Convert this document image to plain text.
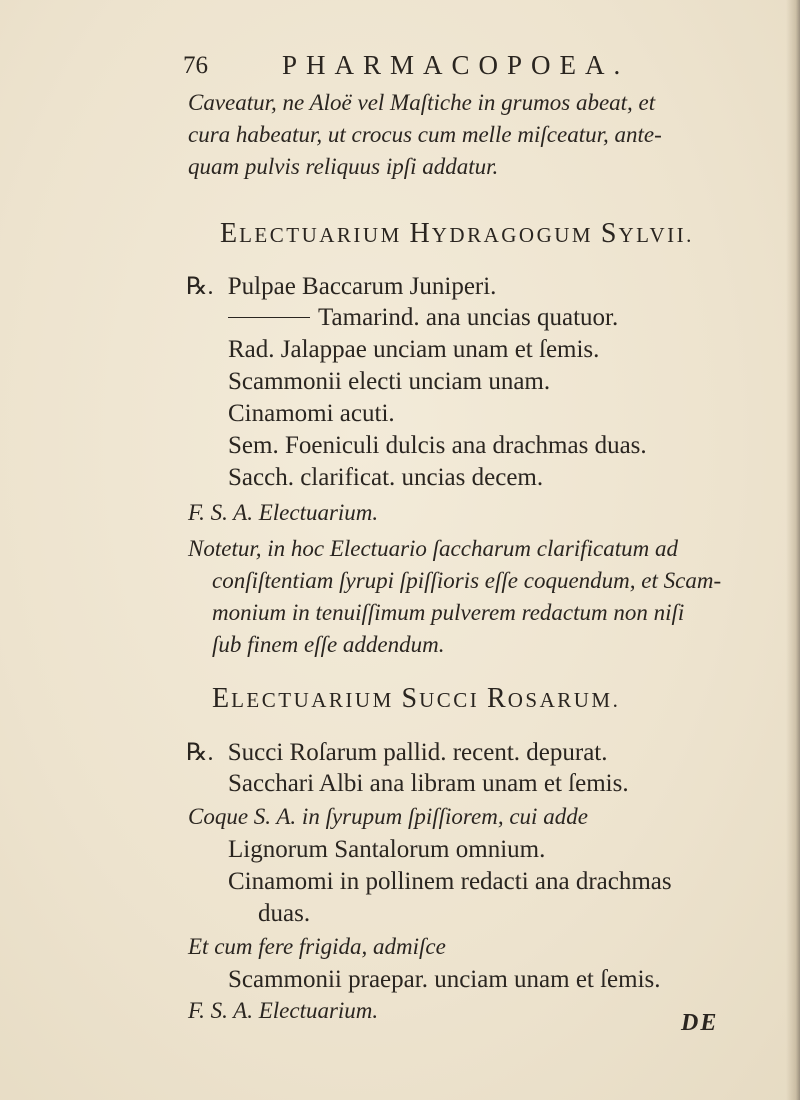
76	PHARMACOPOEA.
Caveatur, ne Aloë vel Maſtiche in grumos abeat, et
cura habeatur, ut crocus cum melle miſceatur, ante-
quam pulvis reliquus ipſi addatur.
ELECTUARIUM HYDRAGOGUM SYLVII.
℞. Pulpae Baccarum Juniperi.
Tamarind. ana uncias quatuor.
Rad. Jalappae unciam unam et ſemis.
Scammonii electi unciam unam.
Cinamomi acuti.
Sem. Foeniculi dulcis ana drachmas duas.
Sacch. clarificat. uncias decem.
F. S. A. Electuarium.
Notetur, in hoc Electuario ſaccharum clarificatum ad
conſiſtentiam ſyrupi ſpiſſioris eſſe coquendum, et Scam-
monium in tenuiſſimum pulverem redactum non niſi
ſub finem eſſe addendum.
ELECTUARIUM SUCCI ROSARUM.
℞. Succi Roſarum pallid. recent. depurat.
Sacchari Albi ana libram unam et ſemis.
Coque S. A. in ſyrupum ſpiſſiorem, cui adde
Lignorum Santalorum omnium.
Cinamomi in pollinem redacti ana drachmas
duas.
Et cum fere frigida, admiſce
Scammonii praepar. unciam unam et ſemis.
F. S. A. Electuarium.	DE
